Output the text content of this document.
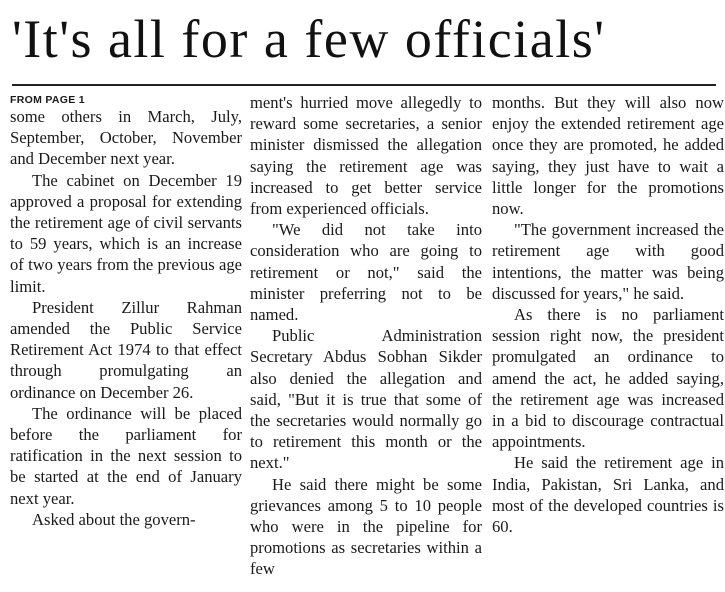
'It's all for a few officials'
FROM PAGE 1

some others in March, July, September, October, November and December next year.

The cabinet on December 19 approved a proposal for extending the retirement age of civil servants to 59 years, which is an increase of two years from the previous age limit.

President Zillur Rahman amended the Public Service Retirement Act 1974 to that effect through promulgating an ordinance on December 26.

The ordinance will be placed before the parliament for ratification in the next session to be started at the end of January next year.

Asked about the govern-

ment's hurried move allegedly to reward some secretaries, a senior minister dismissed the allegation saying the retirement age was increased to get better service from experienced officials.

"We did not take into consideration who are going to retirement or not," said the minister preferring not to be named.

Public Administration Secretary Abdus Sobhan Sikder also denied the allegation and said, "But it is true that some of the secretaries would normally go to retirement this month or the next."

He said there might be some grievances among 5 to 10 people who were in the pipeline for promotions as secretaries within a few

months. But they will also now enjoy the extended retirement age once they are promoted, he added saying, they just have to wait a little longer for the promotions now.

"The government increased the retirement age with good intentions, the matter was being discussed for years," he said.

As there is no parliament session right now, the president promulgated an ordinance to amend the act, he added saying, the retirement age was increased in a bid to discourage contractual appointments.

He said the retirement age in India, Pakistan, Sri Lanka, and most of the developed countries is 60.
